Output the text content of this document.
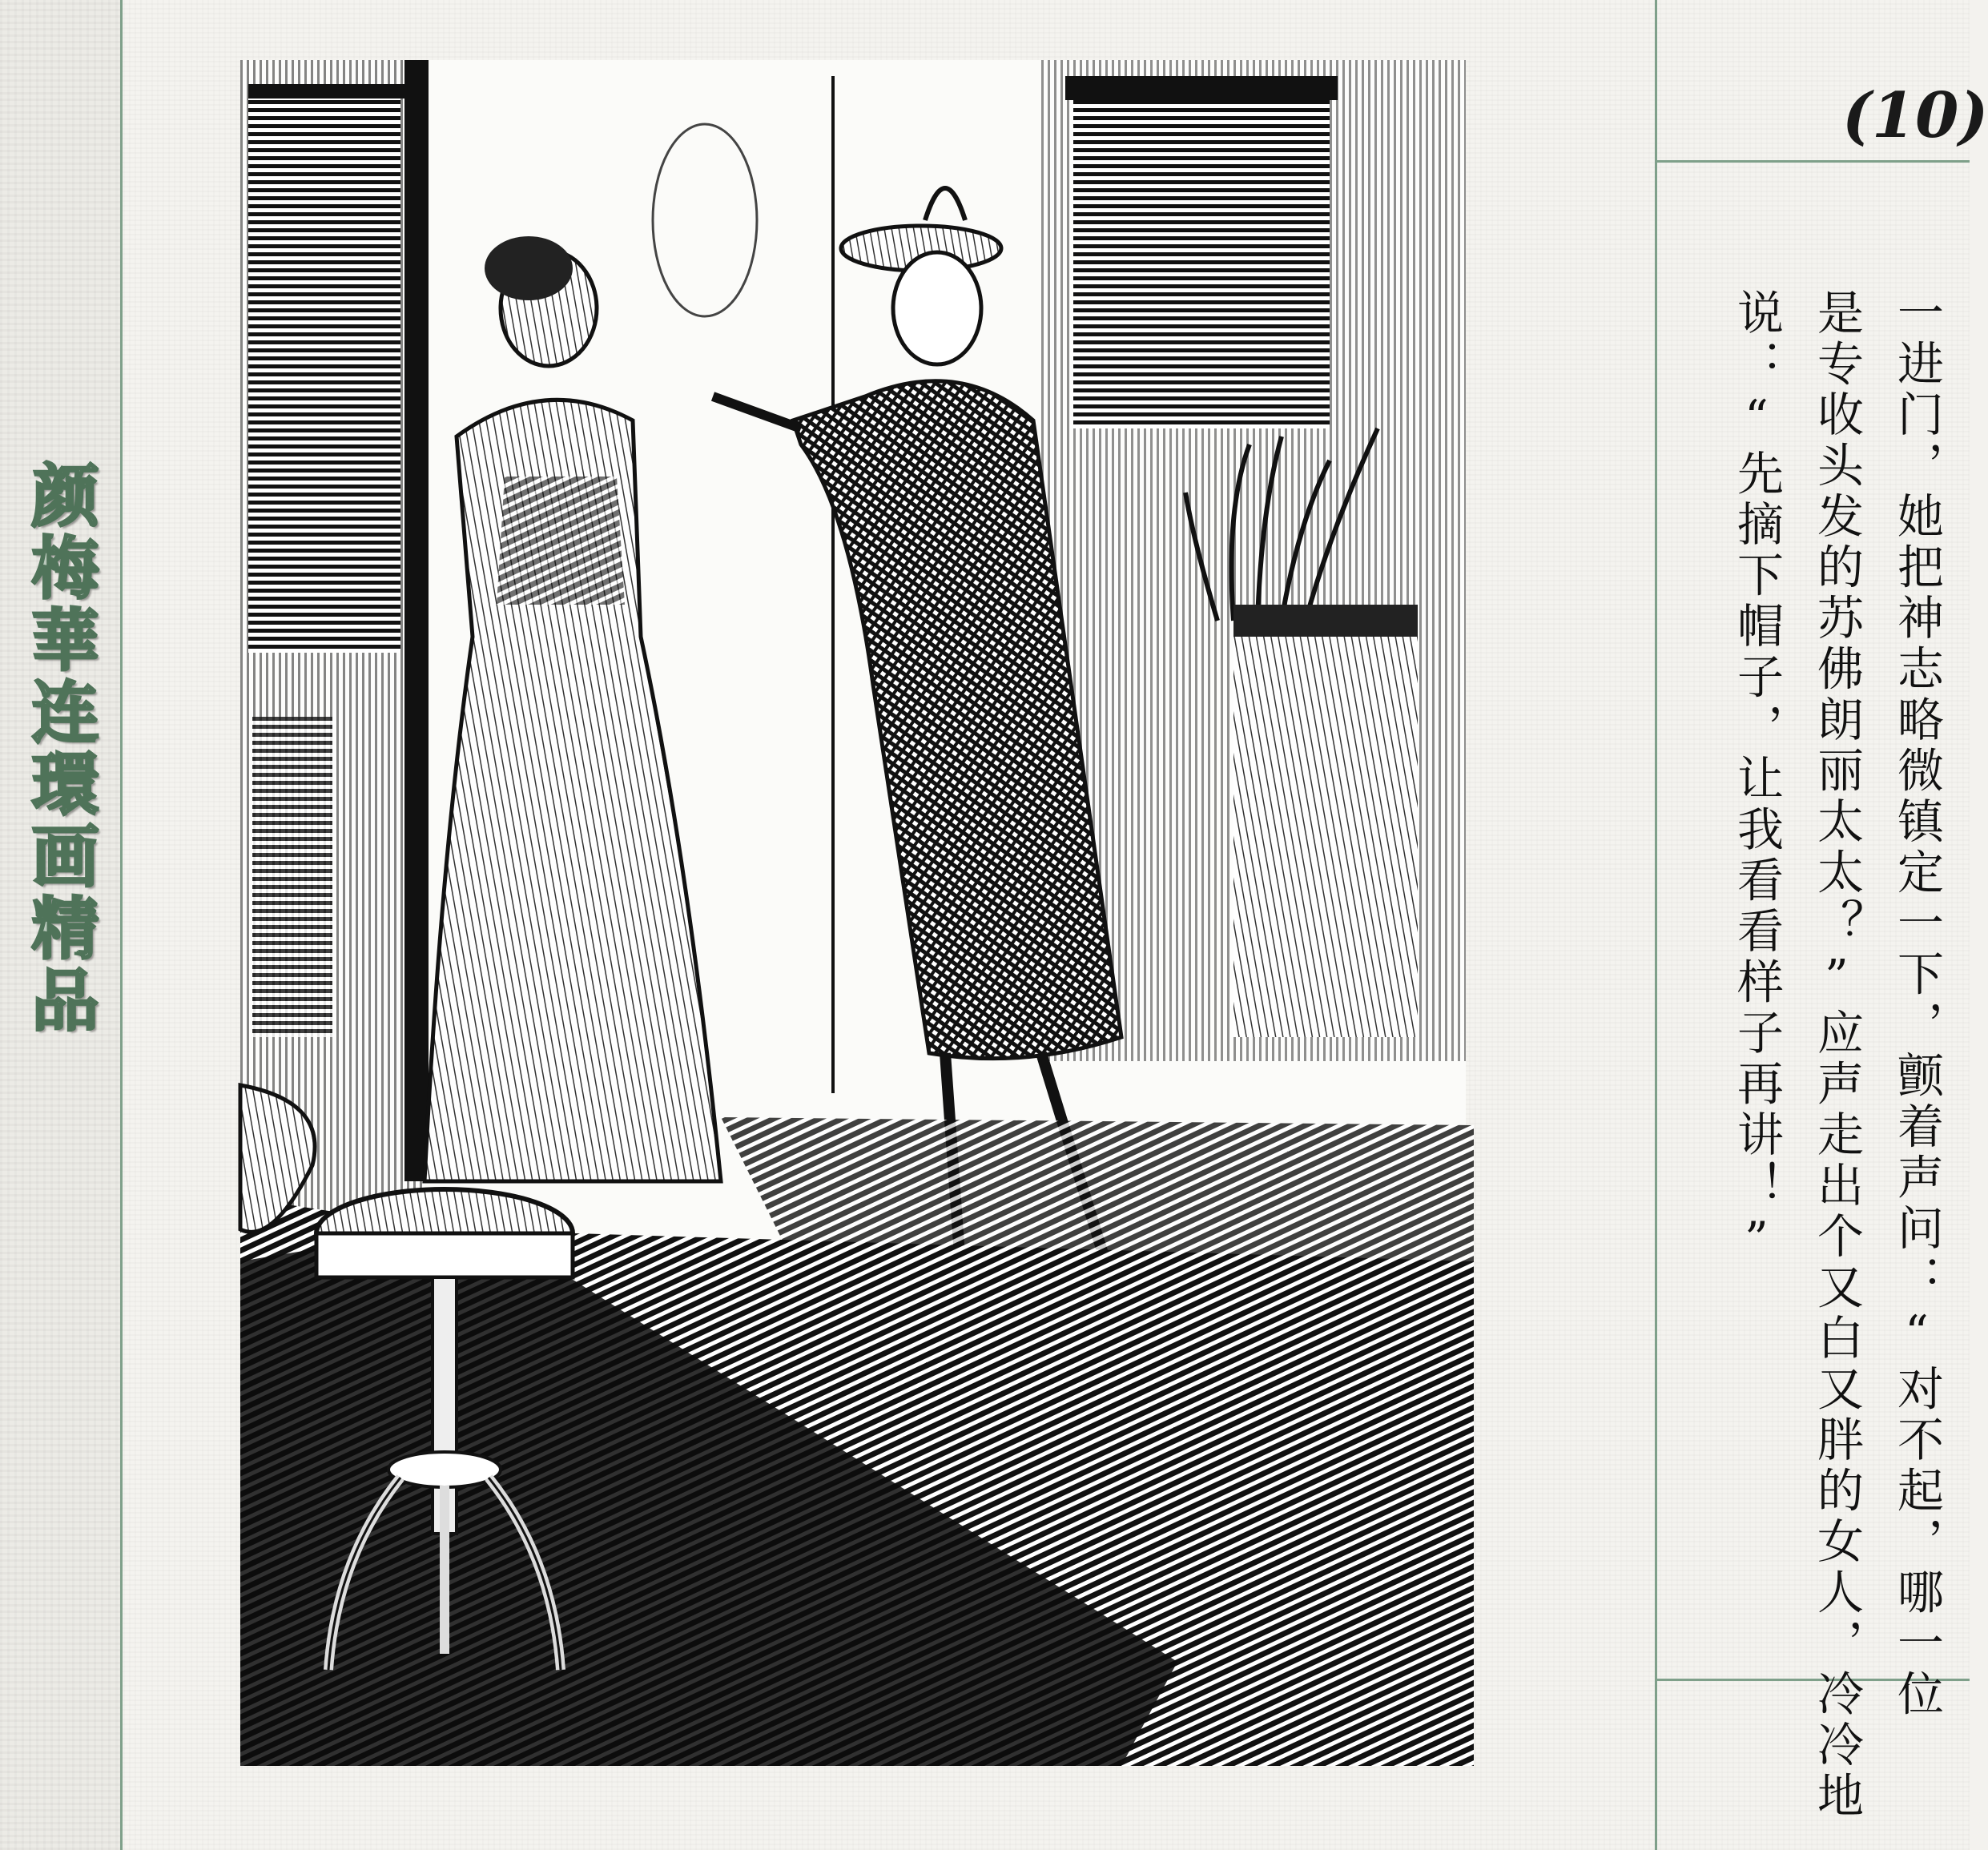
颜梅華连環画精品
(10)
一进门，她把神志略微镇定一下，颤着声问：“对不起，哪一位
是专收头发的苏佛朗丽太太？”应声走出个又白又胖的女人，冷冷地
说：“先摘下帽子，让我看看样子再讲！”
